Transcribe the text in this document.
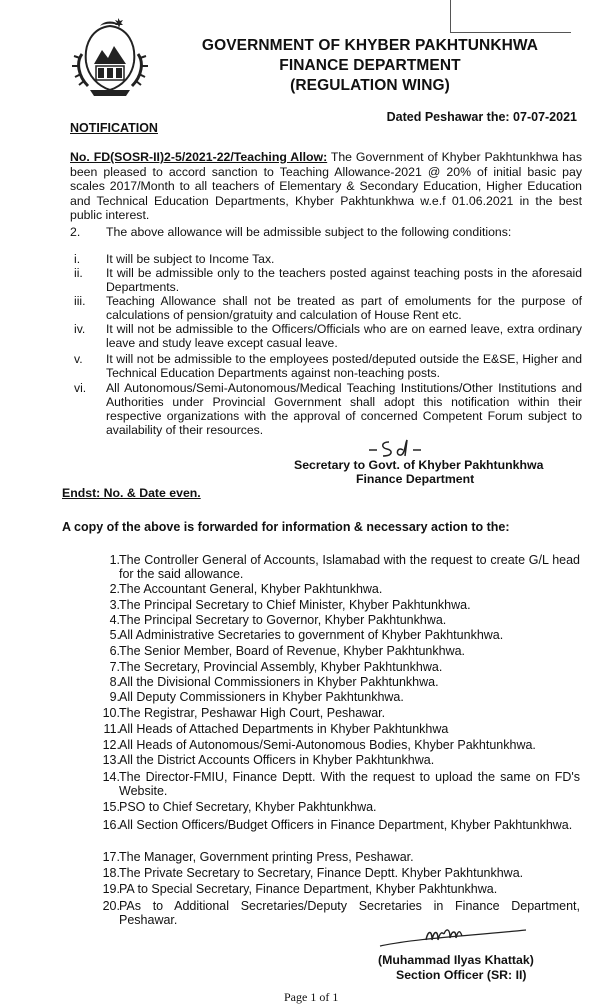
GOVERNMENT OF KHYBER PAKHTUNKHWA
FINANCE DEPARTMENT
(REGULATION WING)
Dated Peshawar the: 07-07-2021
NOTIFICATION
No. FD(SOSR-II)2-5/2021-22/Teaching Allow: The Government of Khyber Pakhtunkhwa has been pleased to accord sanction to Teaching Allowance-2021 @ 20% of initial basic pay scales 2017/Month to all teachers of Elementary & Secondary Education, Higher Education and Technical Education Departments, Khyber Pakhtunkhwa w.e.f 01.06.2021 in the best public interest.
2. The above allowance will be admissible subject to the following conditions:
i.	It will be subject to Income Tax.
ii.	It will be admissible only to the teachers posted against teaching posts in the aforesaid Departments.
iii.	Teaching Allowance shall not be treated as part of emoluments for the purpose of calculations of pension/gratuity and calculation of House Rent etc.
iv.	It will not be admissible to the Officers/Officials who are on earned leave, extra ordinary leave and study leave except casual leave.
v.	It will not be admissible to the employees posted/deputed outside the E&SE, Higher and Technical Education Departments against non-teaching posts.
vi.	All Autonomous/Semi-Autonomous/Medical Teaching Institutions/Other Institutions and Authorities under Provincial Government shall adopt this notification within their respective organizations with the approval of concerned Competent Forum subject to availability of their resources.
Secretary to Govt. of Khyber Pakhtunkhwa
Finance Department
Endst: No. & Date even.
A copy of the above is forwarded for information & necessary action to the:
1. The Controller General of Accounts, Islamabad with the request to create G/L head for the said allowance.
2. The Accountant General, Khyber Pakhtunkhwa.
3. The Principal Secretary to Chief Minister, Khyber Pakhtunkhwa.
4. The Principal Secretary to Governor, Khyber Pakhtunkhwa.
5. All Administrative Secretaries to government of Khyber Pakhtunkhwa.
6. The Senior Member, Board of Revenue, Khyber Pakhtunkhwa.
7. The Secretary, Provincial Assembly, Khyber Pakhtunkhwa.
8. All the Divisional Commissioners in Khyber Pakhtunkhwa.
9. All Deputy Commissioners in Khyber Pakhtunkhwa.
10. The Registrar, Peshawar High Court, Peshawar.
11. All Heads of Attached Departments in Khyber Pakhtunkhwa
12. All Heads of Autonomous/Semi-Autonomous Bodies, Khyber Pakhtunkhwa.
13. All the District Accounts Officers in Khyber Pakhtunkhwa.
14. The Director-FMIU, Finance Deptt. With the request to upload the same on FD's Website.
15. PSO to Chief Secretary, Khyber Pakhtunkhwa.
16. All Section Officers/Budget Officers in Finance Department, Khyber Pakhtunkhwa.
17. The Manager, Government printing Press, Peshawar.
18. The Private Secretary to Secretary, Finance Deptt. Khyber Pakhtunkhwa.
19. PA to Special Secretary, Finance Department, Khyber Pakhtunkhwa.
20. PAs to Additional Secretaries/Deputy Secretaries in Finance Department, Peshawar.
(Muhammad Ilyas Khattak)
Section Officer (SR: II)
Page 1 of 1
